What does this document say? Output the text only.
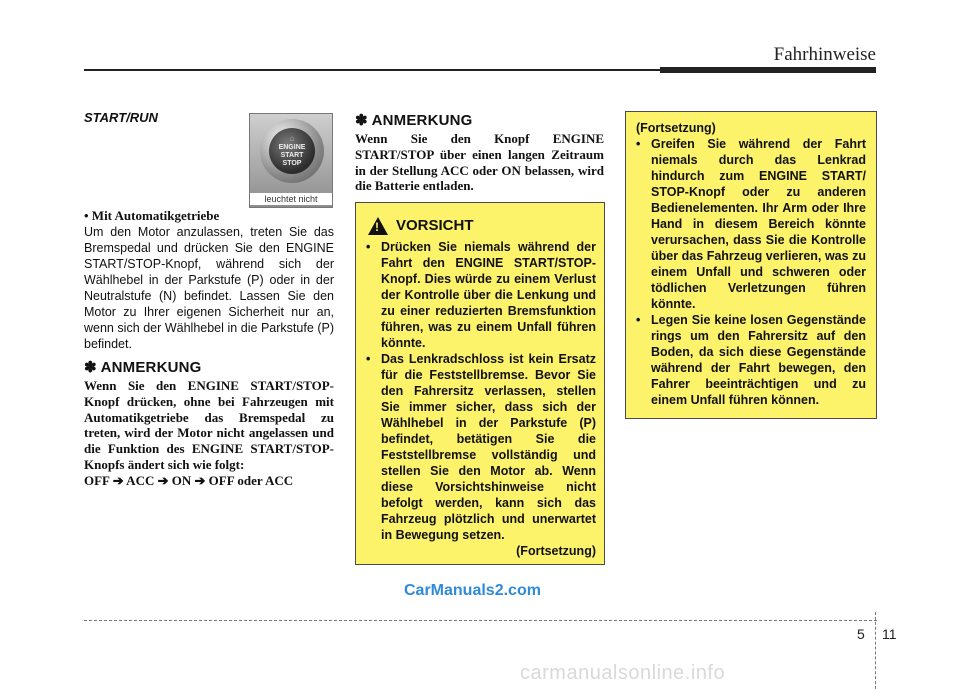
Fahrhinweise
START/RUN
⌂
ENGINE
START
STOP
leuchtet nicht
• Mit Automatikgetriebe
Um den Motor anzulassen, treten Sie das Bremspedal und drücken Sie den ENGINE START/STOP-Knopf, während sich der Wählhebel in der Parkstufe (P) oder in der Neutralstufe (N) befindet. Lassen Sie den Motor zu Ihrer eigenen Sicherheit nur an, wenn sich der Wählhebel in die Parkstufe (P) befindet.
✽ ANMERKUNG
Wenn Sie den ENGINE START/STOP-Knopf drücken, ohne bei Fahrzeugen mit Automatikgetriebe das Bremspedal zu treten, wird der Motor nicht angelassen und die Funktion des ENGINE START/STOP-Knopfs ändert sich wie folgt:
OFF ➔ ACC ➔ ON ➔ OFF oder ACC
✽ ANMERKUNG
Wenn Sie den Knopf ENGINE START/STOP über einen langen Zeitraum in der Stellung ACC oder ON belassen, wird die Batterie entladen.
! VORSICHT
• Drücken Sie niemals während der Fahrt den ENGINE START/STOP-Knopf. Dies würde zu einem Verlust der Kontrolle über die Lenkung und zu einer reduzierten Bremsfunktion führen, was zu einem Unfall führen könnte.
• Das Lenkradschloss ist kein Ersatz für die Feststellbremse. Bevor Sie den Fahrersitz verlassen, stellen Sie immer sicher, dass sich der Wählhebel in der Parkstufe (P) befindet, betätigen Sie die Feststellbremse vollständig und stellen Sie den Motor ab. Wenn diese Vorsichtshinweise nicht befolgt werden, kann sich das Fahrzeug plötzlich und unerwartet in Bewegung setzen.
(Fortsetzung)
(Fortsetzung)
• Greifen Sie während der Fahrt niemals durch das Lenkrad hindurch zum ENGINE START/ STOP-Knopf oder zu anderen Bedienelementen. Ihr Arm oder Ihre Hand in diesem Bereich könnte verursachen, dass Sie die Kontrolle über das Fahrzeug verlieren, was zu einem Unfall und schweren oder tödlichen Verletzungen führen könnte.
• Legen Sie keine losen Gegenstände rings um den Fahrersitz auf den Boden, da sich diese Gegenstände während der Fahrt bewegen, den Fahrer beeinträchtigen und zu einem Unfall führen können.
CarManuals2.com
5 11
carmanualsonline.info
